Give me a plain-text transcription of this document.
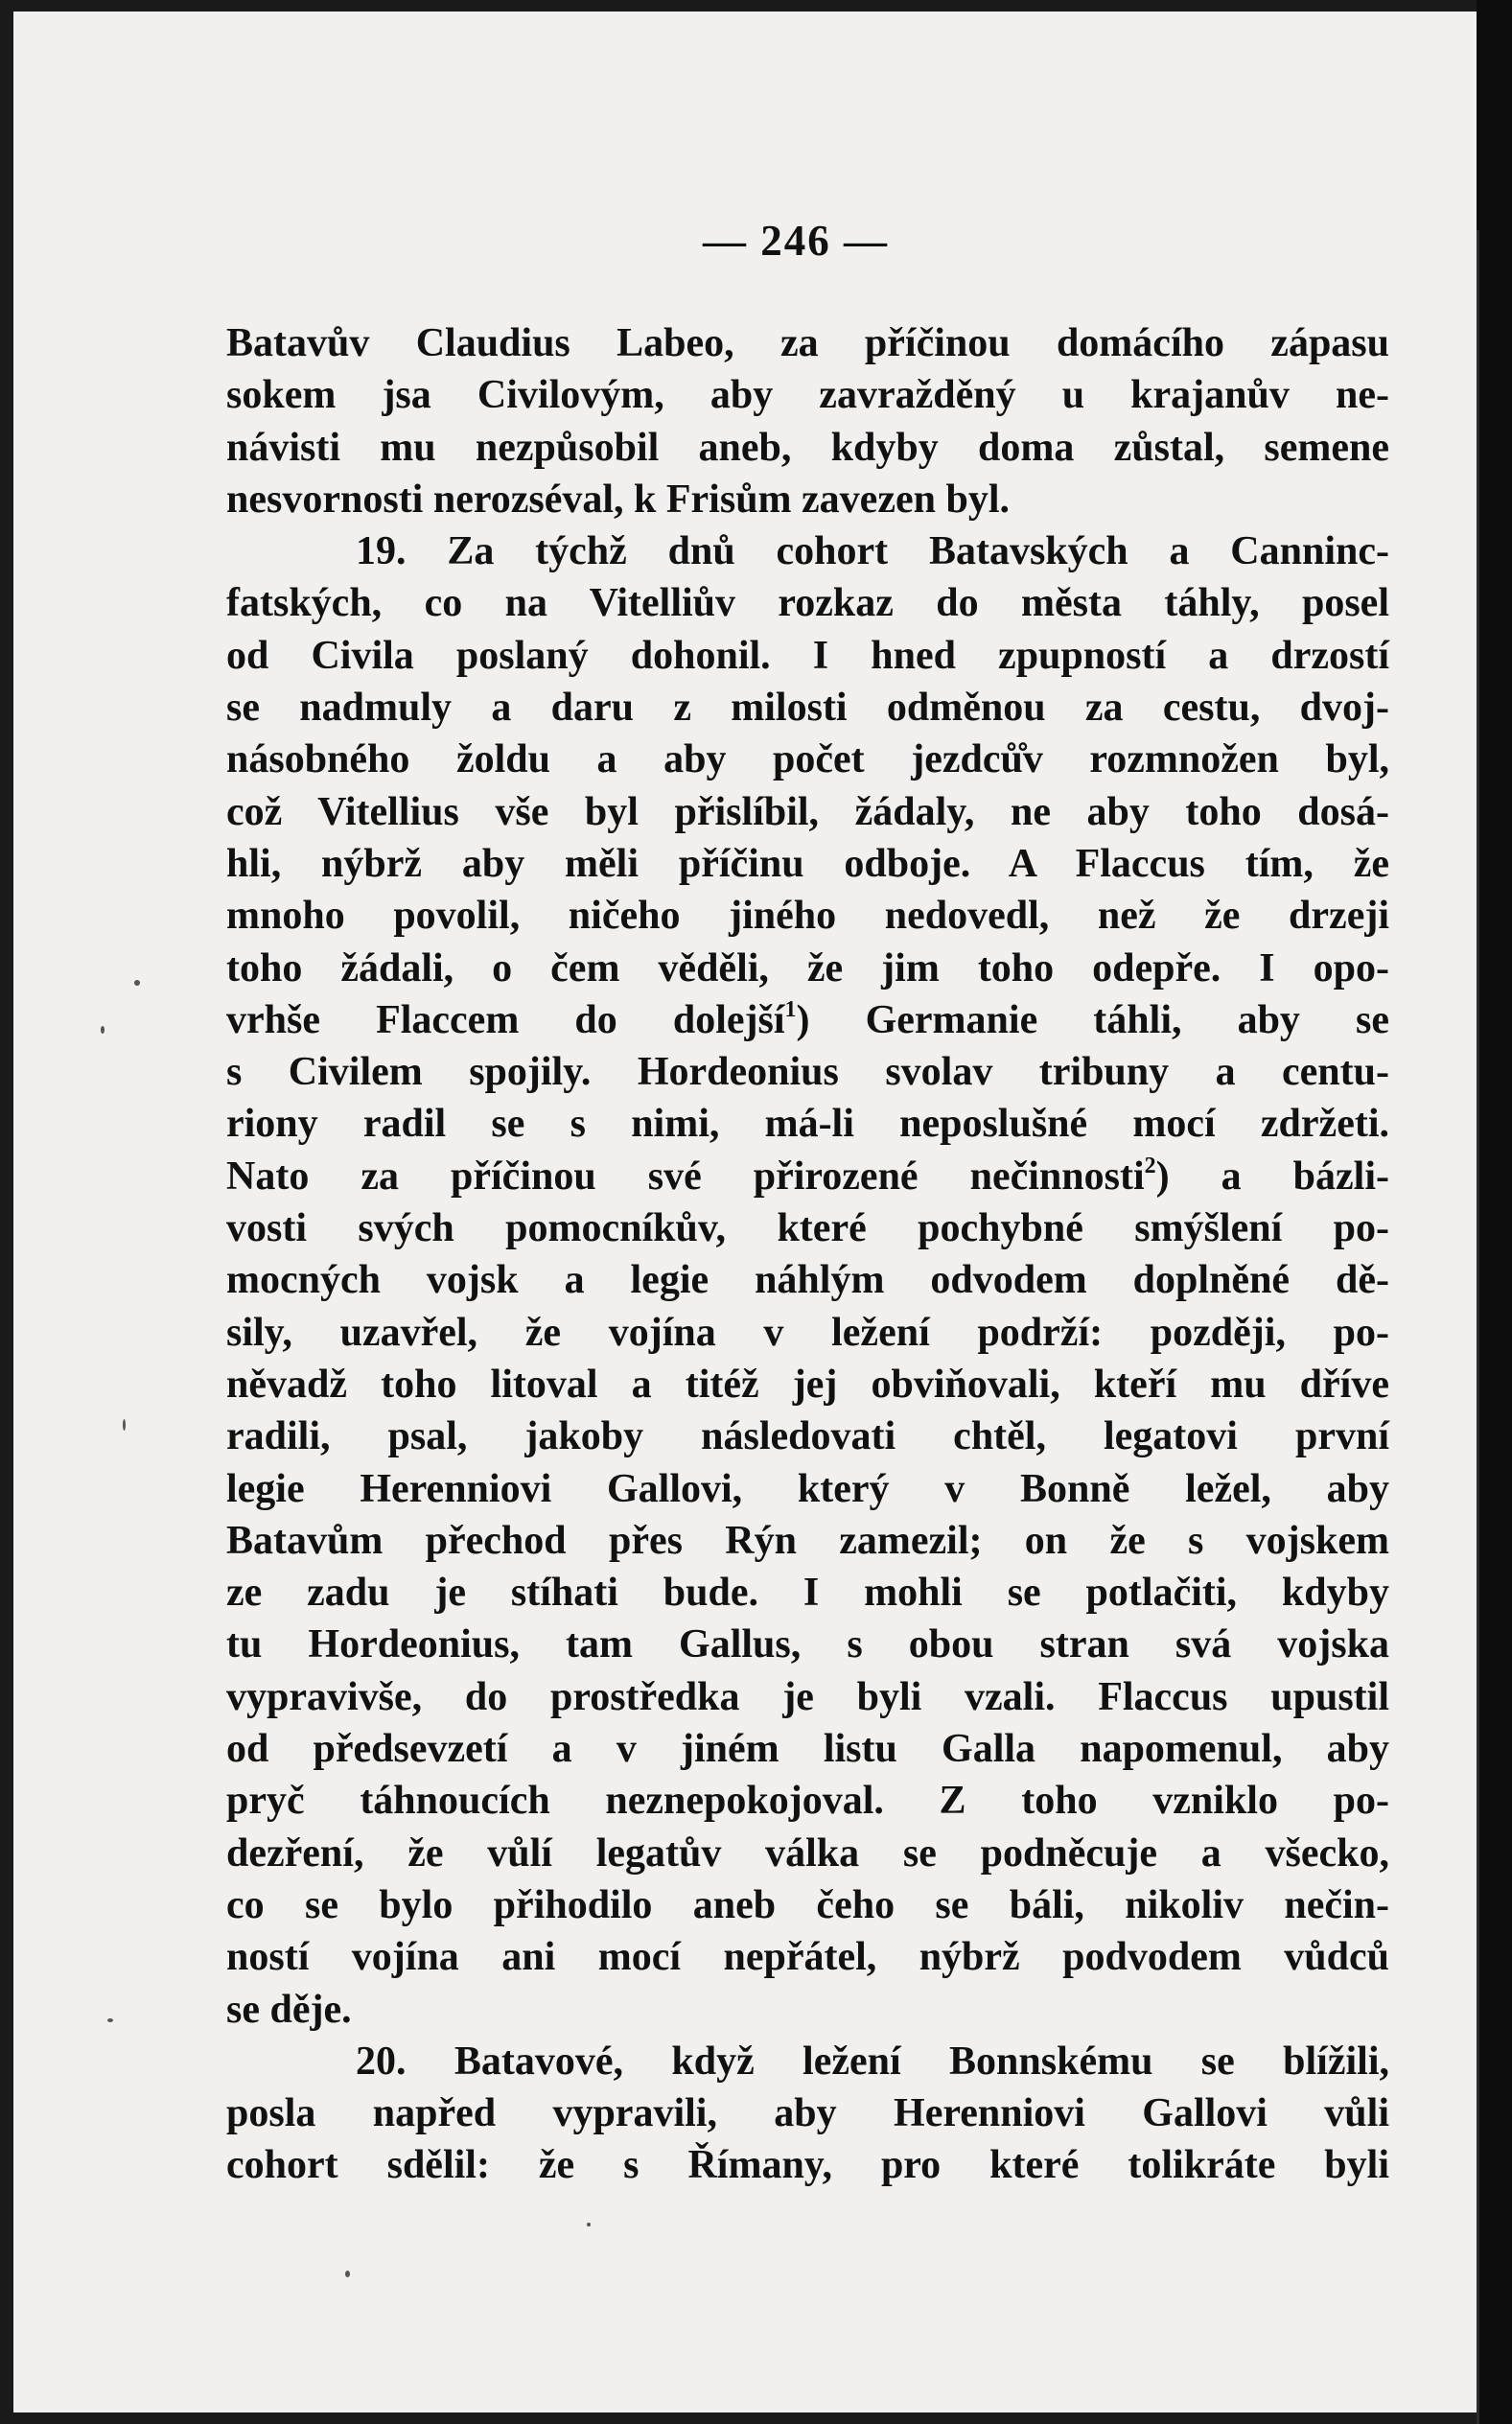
— 246 —
Batavův Claudius Labeo, za příčinou domácího zápasu
sokem jsa Civilovým, aby zavražděný u krajanův ne-
návisti mu nezpůsobil aneb, kdyby doma zůstal, semene
nesvornosti nerozséval, k Frisům zavezen byl.
19. Za týchž dnů cohort Batavských a Canninc-
fatských, co na Vitelliův rozkaz do města táhly, posel
od Civila poslaný dohonil. I hned zpupností a drzostí
se nadmuly a daru z milosti odměnou za cestu, dvoj-
násobného žoldu a aby počet jezdců̊v rozmnožen byl,
což Vitellius vše byl přislíbil, žádaly, ne aby toho dosá-
hli, nýbrž aby měli příčinu odboje. A Flaccus tím, že
mnoho povolil, ničeho jiného nedovedl, než že drzeji
toho žádali, o čem věděli, že jim toho odepře. I opo-
vrhše Flaccem do dolejší$^1$) Germanie táhli, aby se
s Civilem spojily. Hordeonius svolav tribuny a centu-
riony radil se s nimi, má-li neposlušné mocí zdržeti.
Nato za příčinou své přirozené nečinnosti$^2$) a bázli-
vosti svých pomocníkův, které pochybné smýšlení po-
mocných vojsk a legie náhlým odvodem doplněné dě-
sily, uzavřel, že vojína v ležení podrží: později, po-
něvadž toho litoval a titéž jej obviňovali, kteří mu dříve
radili, psal, jakoby následovati chtěl, legatovi první
legie Herenniovi Gallovi, který v Bonně ležel, aby
Batavům přechod přes Rýn zamezil; on že s vojskem
ze zadu je stíhati bude. I mohli se potlačiti, kdyby
tu Hordeonius, tam Gallus, s obou stran svá vojska
vypravivše, do prostředka je byli vzali. Flaccus upustil
od předsevzetí a v jiném listu Galla napomenul, aby
pryč táhnoucích neznepokojoval. Z toho vzniklo po-
dezření, že vůlí legatův válka se podněcuje a všecko,
co se bylo přihodilo aneb čeho se báli, nikoliv nečin-
ností vojína ani mocí nepřátel, nýbrž podvodem vůdců
se děje.
20. Batavové, když ležení Bonnskému se blížili,
posla napřed vypravili, aby Herenniovi Gallovi vůli
cohort sdělil: že s Římany, pro které tolikráte byli
